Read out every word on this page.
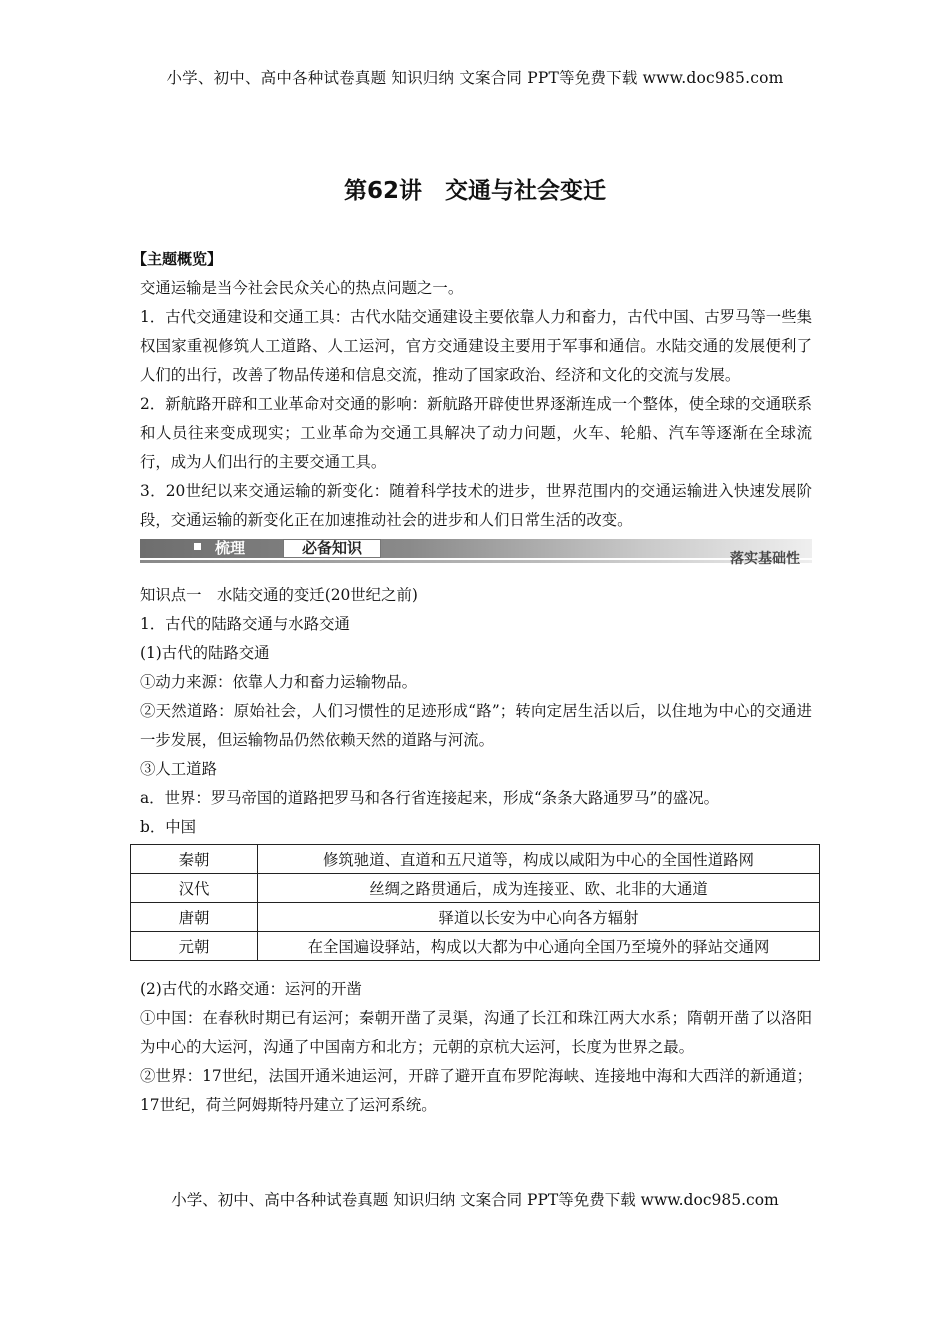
小学、初中、高中各种试卷真题 知识归纳 文案合同 PPT等免费下载 www.doc985.com
第62讲　交通与社会变迁

【主题概览】

交通运输是当今社会民众关心的热点问题之一。

1．古代交通建设和交通工具：古代水陆交通建设主要依靠人力和畜力，古代中国、古罗马等一些集权国家重视修筑人工道路、人工运河，官方交通建设主要用于军事和通信。水陆交通的发展便利了人们的出行，改善了物品传递和信息交流，推动了国家政治、经济和文化的交流与发展。

2．新航路开辟和工业革命对交通的影响：新航路开辟使世界逐渐连成一个整体，使全球的交通联系和人员往来变成现实；工业革命为交通工具解决了动力问题，火车、轮船、汽车等逐渐在全球流行，成为人们出行的主要交通工具。

3．20世纪以来交通运输的新变化：随着科学技术的进步，世界范围内的交通运输进入快速发展阶段，交通运输的新变化正在加速推动社会的进步和人们日常生活的改变。

梳理	必备知识
落实基础性

知识点一　水陆交通的变迁(20世纪之前)

1．古代的陆路交通与水路交通

(1)古代的陆路交通

①动力来源：依靠人力和畜力运输物品。

②天然道路：原始社会，人们习惯性的足迹形成“路”；转向定居生活以后，以住地为中心的交通进一步发展，但运输物品仍然依赖天然的道路与河流。

③人工道路

a．世界：罗马帝国的道路把罗马和各行省连接起来，形成“条条大路通罗马”的盛况。

b．中国

秦朝	修筑驰道、直道和五尺道等，构成以咸阳为中心的全国性道路网
汉代	丝绸之路贯通后，成为连接亚、欧、北非的大通道
唐朝	驿道以长安为中心向各方辐射
元朝	在全国遍设驿站，构成以大都为中心通向全国乃至境外的驿站交通网

(2)古代的水路交通：运河的开凿

①中国：在春秋时期已有运河；秦朝开凿了灵渠，沟通了长江和珠江两大水系；隋朝开凿了以洛阳为中心的大运河，沟通了中国南方和北方；元朝的京杭大运河，长度为世界之最。

②世界：17世纪，法国开通米迪运河，开辟了避开直布罗陀海峡、连接地中海和大西洋的新通道；17世纪，荷兰阿姆斯特丹建立了运河系统。

小学、初中、高中各种试卷真题 知识归纳 文案合同 PPT等免费下载 www.doc985.com
